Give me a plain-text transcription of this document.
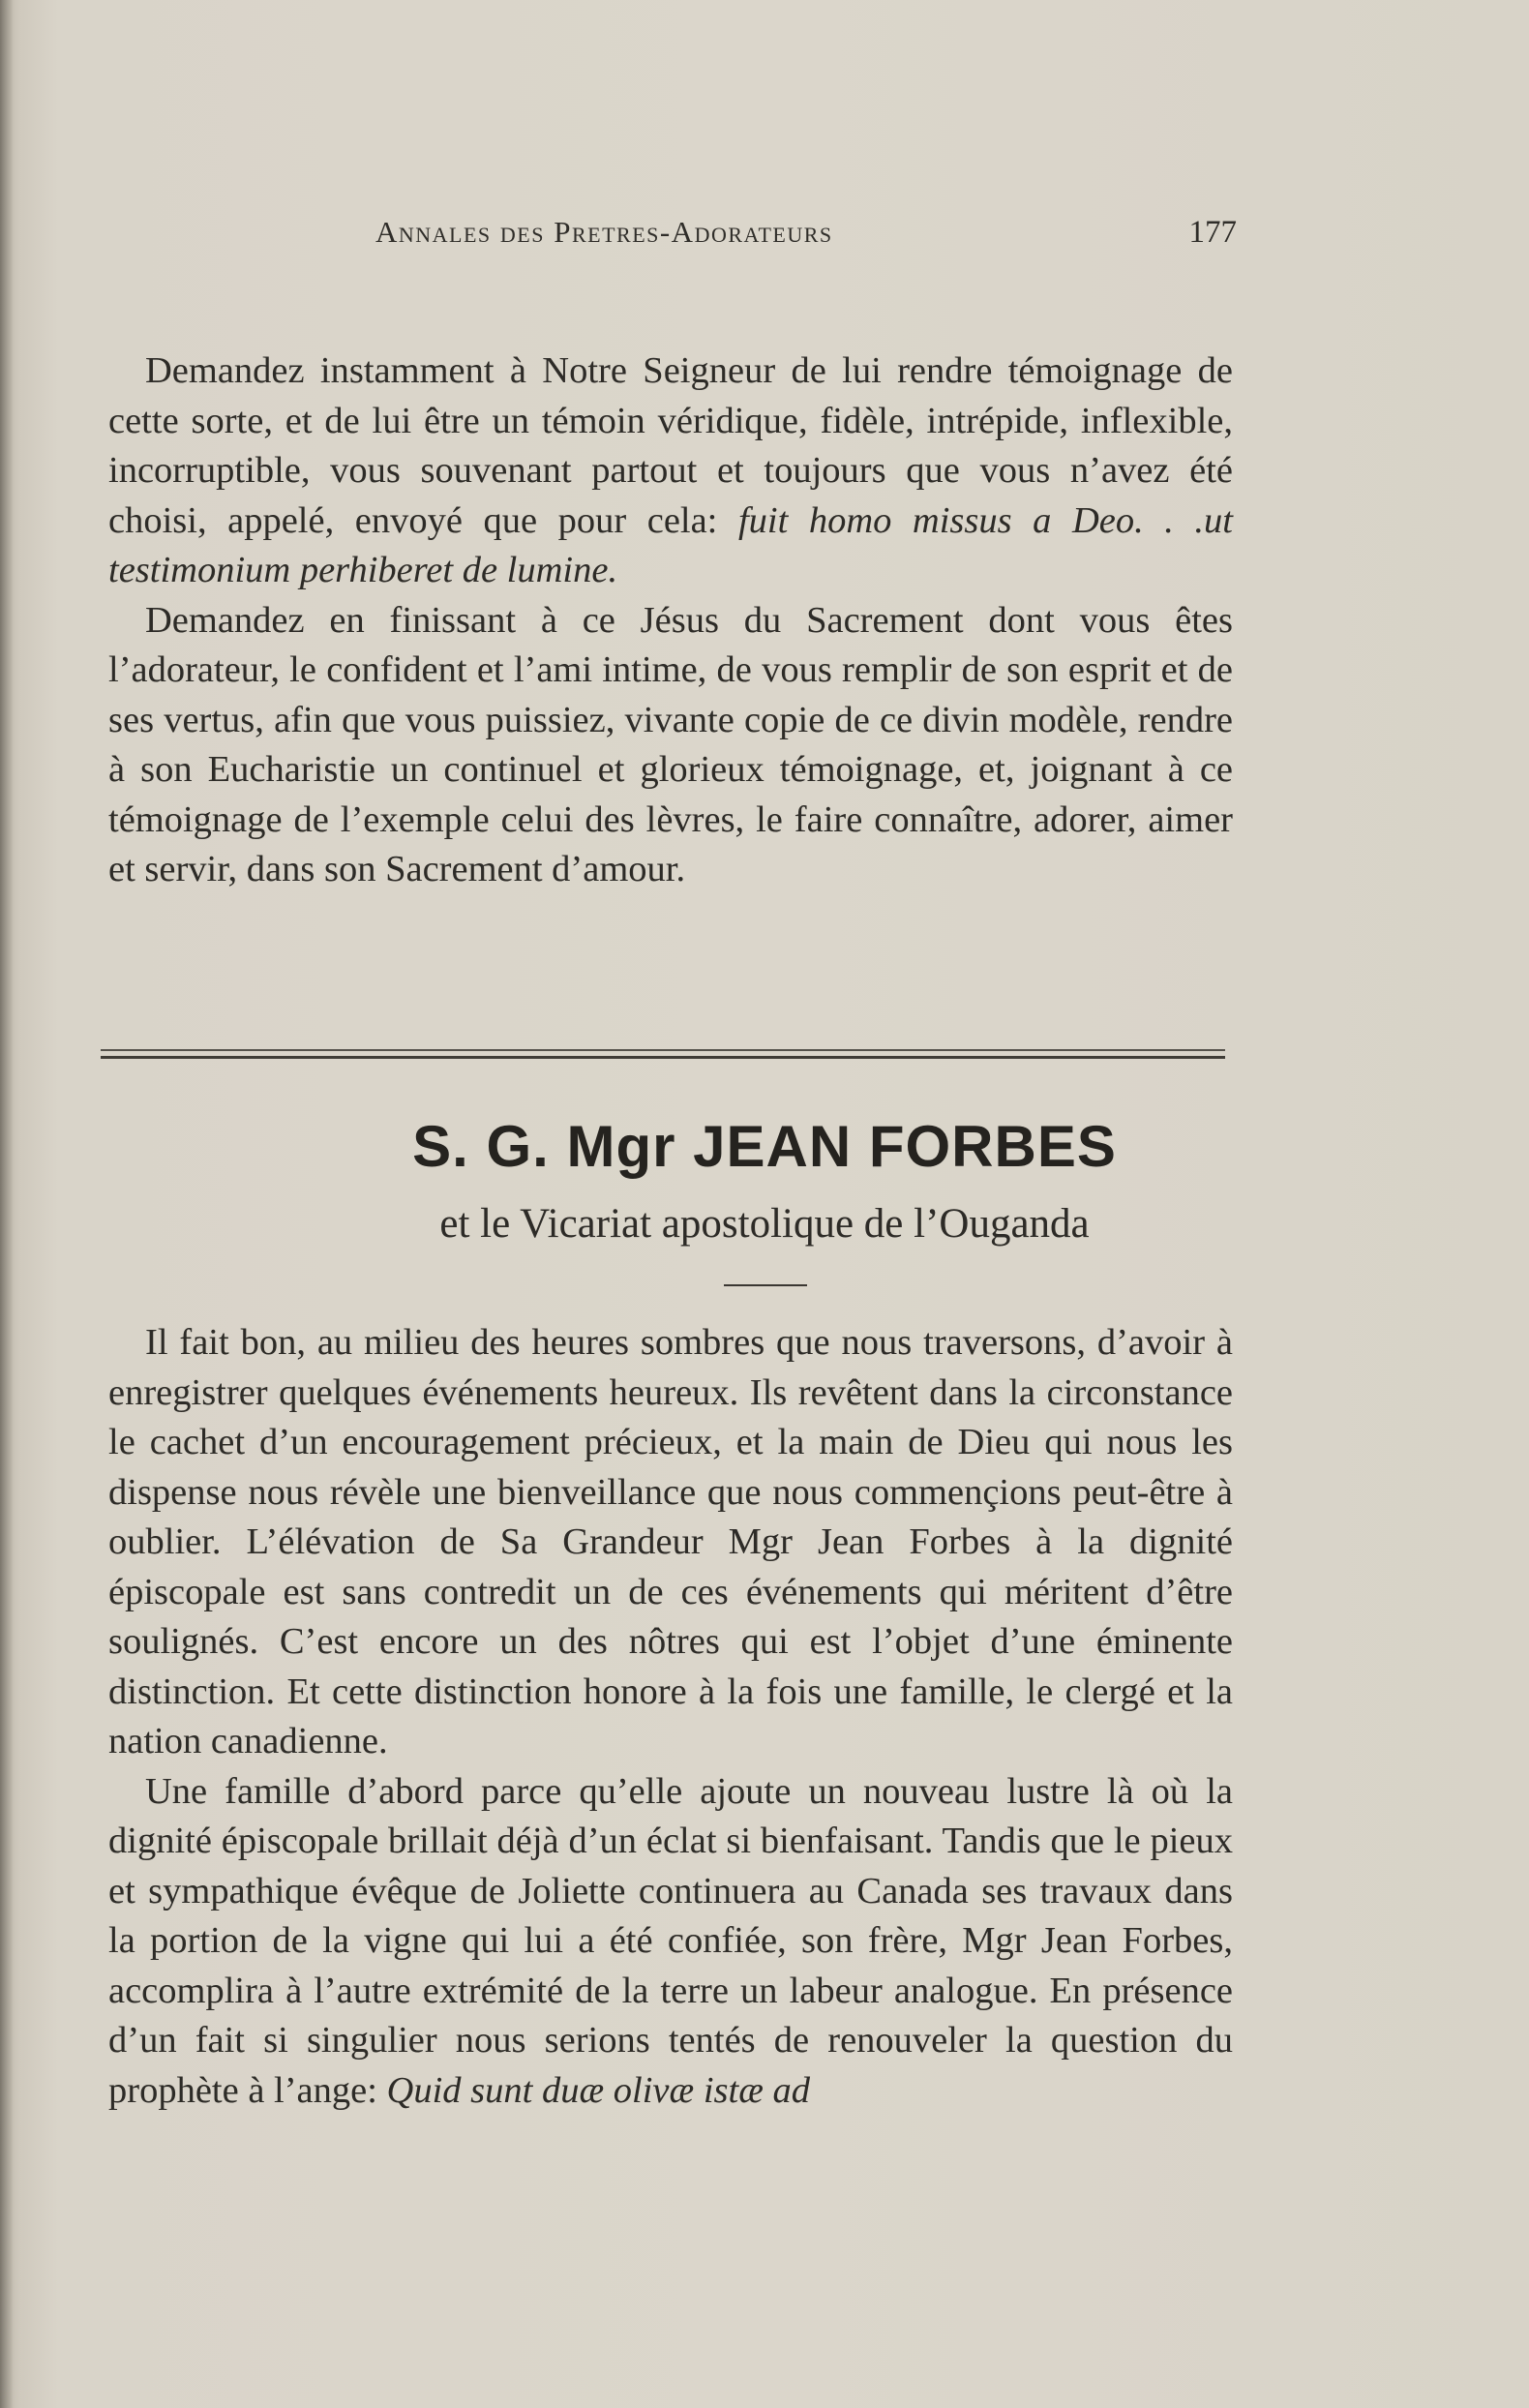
Annales des Pretres-Adorateurs	177

Demandez instamment à Notre Seigneur de lui rendre témoignage de cette sorte, et de lui être un témoin véridique, fidèle, intrépide, inflexible, incorruptible, vous souvenant partout et toujours que vous n’avez été choisi, appelé, envoyé que pour cela: fuit homo missus a Deo. . .ut testimonium perhiberet de lumine.

Demandez en finissant à ce Jésus du Sacrement dont vous êtes l’adorateur, le confident et l’ami intime, de vous remplir de son esprit et de ses vertus, afin que vous puissiez, vivante copie de ce divin modèle, rendre à son Eucharistie un continuel et glorieux témoignage, et, joignant à ce témoignage de l’exemple celui des lèvres, le faire connaître, adorer, aimer et servir, dans son Sacrement d’amour.

S. G. Mgr JEAN FORBES
et le Vicariat apostolique de l’Ouganda

Il fait bon, au milieu des heures sombres que nous traversons, d’avoir à enregistrer quelques événements heureux. Ils revêtent dans la circonstance le cachet d’un encouragement précieux, et la main de Dieu qui nous les dispense nous révèle une bienveillance que nous commençions peut-être à oublier. L’élévation de Sa Grandeur Mgr Jean Forbes à la dignité épiscopale est sans contredit un de ces événements qui méritent d’être soulignés. C’est encore un des nôtres qui est l’objet d’une éminente distinction. Et cette distinction honore à la fois une famille, le clergé et la nation canadienne.

Une famille d’abord parce qu’elle ajoute un nouveau lustre là où la dignité épiscopale brillait déjà d’un éclat si bienfaisant. Tandis que le pieux et sympathique évêque de Joliette continuera au Canada ses travaux dans la portion de la vigne qui lui a été confiée, son frère, Mgr Jean Forbes, accomplira à l’autre extrémité de la terre un labeur analogue. En présence d’un fait si singulier nous serions tentés de renouveler la question du prophète à l’ange: Quid sunt duæ olivæ istæ ad
